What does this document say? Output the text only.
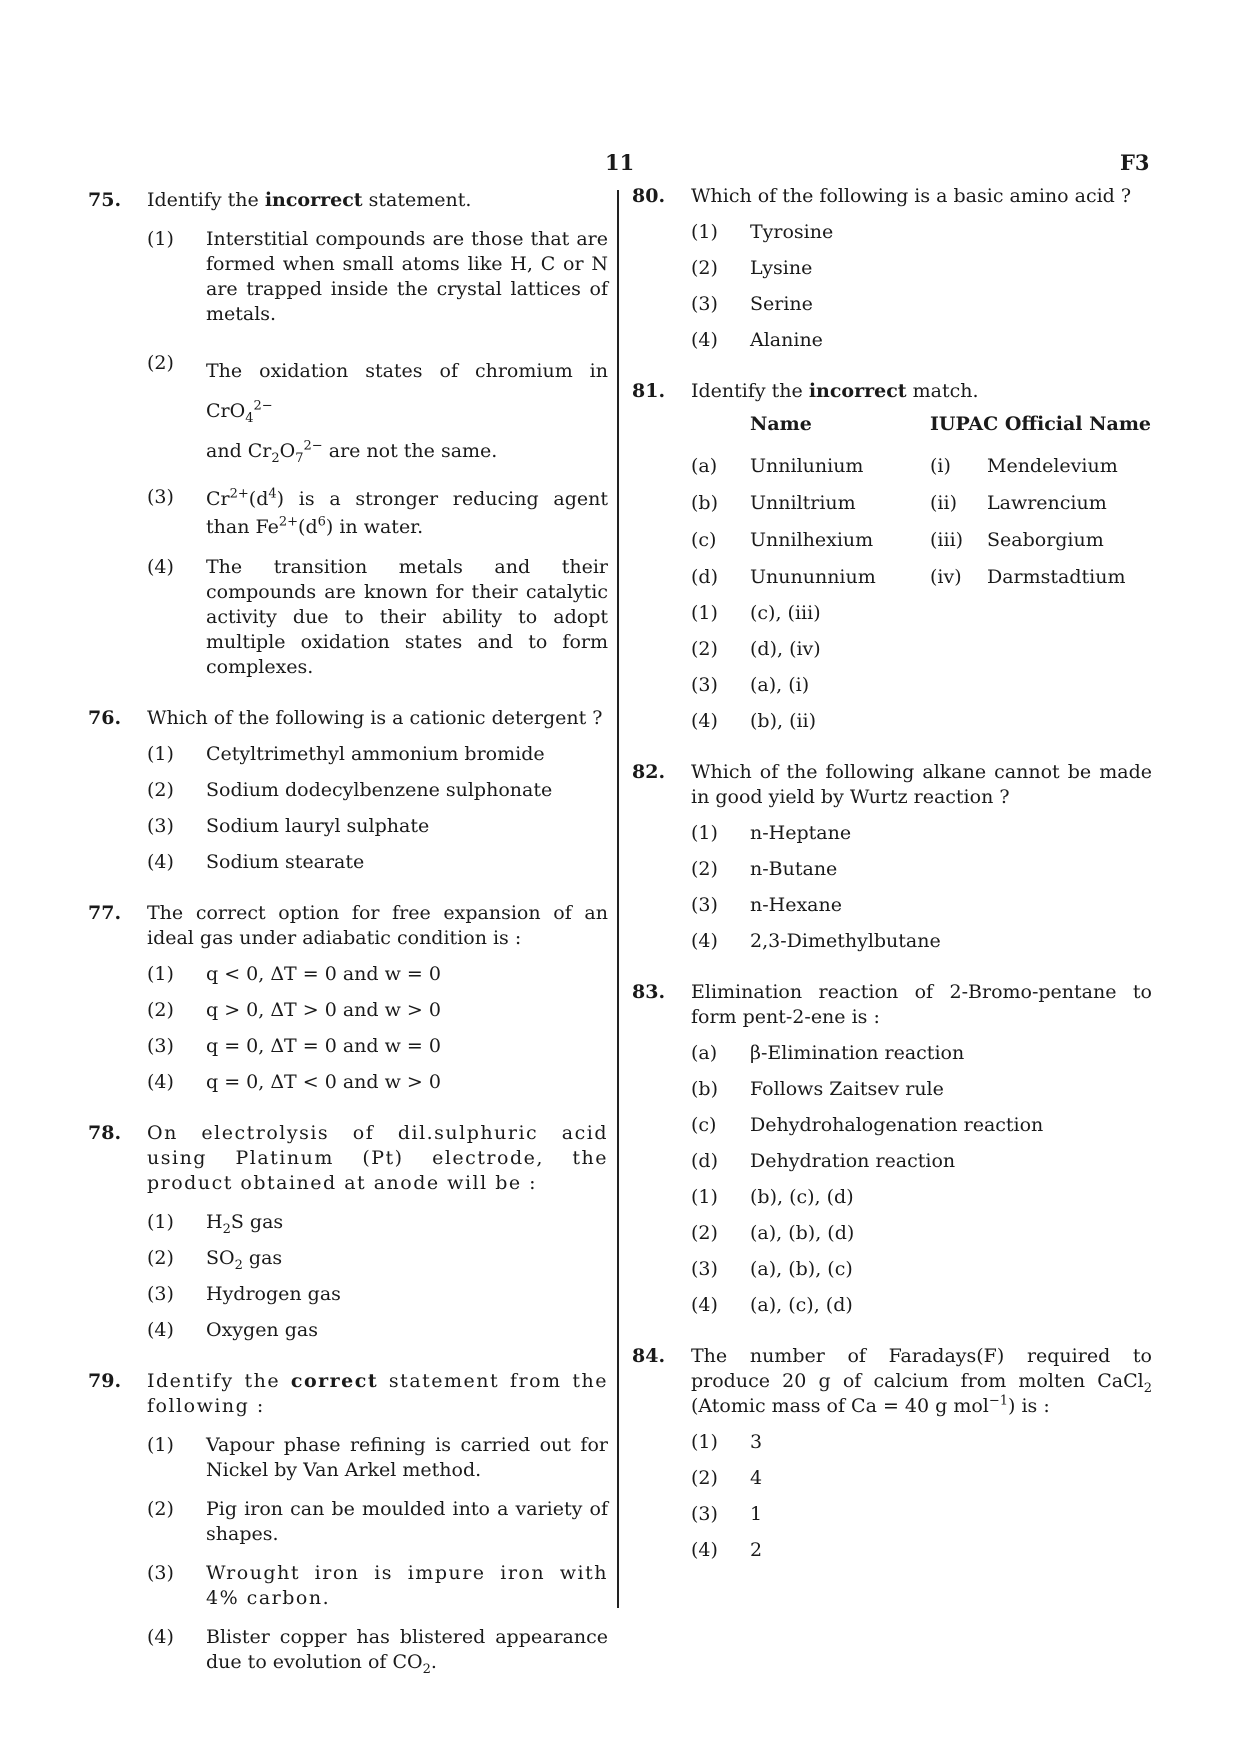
11	F3
75. Identify the incorrect statement.
(1) Interstitial compounds are those that are formed when small atoms like H, C or N are trapped inside the crystal lattices of metals.
(2) The oxidation states of chromium in CrO$_4^{2-}$
and $Cr_2O_7^{2-}$ are not the same.
(3) $Cr^{2+}(d^4)$ is a stronger reducing agent than $Fe^{2+}(d^6)$ in water.
(4) The transition metals and their compounds are known for their catalytic activity due to their ability to adopt multiple oxidation states and to form complexes.
76. Which of the following is a cationic detergent ?
(1) Cetyltrimethyl ammonium bromide
(2) Sodium dodecylbenzene sulphonate
(3) Sodium lauryl sulphate
(4) Sodium stearate
77. The correct option for free expansion of an ideal gas under adiabatic condition is :
(1) q < 0, ΔT = 0 and w = 0
(2) q > 0, ΔT > 0 and w > 0
(3) q = 0, ΔT = 0 and w = 0
(4) q = 0, ΔT < 0 and w > 0
78. On electrolysis of dil.sulphuric acid using Platinum (Pt) electrode, the product obtained at anode will be :
(1) $H_2S$ gas
(2) $SO_2$ gas
(3) Hydrogen gas
(4) Oxygen gas
79. Identify the correct statement from the following :
(1) Vapour phase refining is carried out for Nickel by Van Arkel method.
(2) Pig iron can be moulded into a variety of shapes.
(3) Wrought iron is impure iron with 4% carbon.
(4) Blister copper has blistered appearance due to evolution of $CO_2$.
80. Which of the following is a basic amino acid ?
(1) Tyrosine
(2) Lysine
(3) Serine
(4) Alanine
81. Identify the incorrect match.
Name	IUPAC Official Name
(a) Unnilunium	(i) Mendelevium
(b) Unniltrium	(ii) Lawrencium
(c) Unnilhexium	(iii) Seaborgium
(d) Unununnium	(iv) Darmstadtium
(1) (c), (iii)
(2) (d), (iv)
(3) (a), (i)
(4) (b), (ii)
82. Which of the following alkane cannot be made in good yield by Wurtz reaction ?
(1) n-Heptane
(2) n-Butane
(3) n-Hexane
(4) 2,3-Dimethylbutane
83. Elimination reaction of 2-Bromo-pentane to form pent-2-ene is :
(a) β-Elimination reaction
(b) Follows Zaitsev rule
(c) Dehydrohalogenation reaction
(d) Dehydration reaction
(1) (b), (c), (d)
(2) (a), (b), (d)
(3) (a), (b), (c)
(4) (a), (c), (d)
84. The number of Faradays(F) required to produce 20 g of calcium from molten CaCl$_2$ (Atomic mass of Ca = 40 g mol$^{-1}$) is :
(1) 3
(2) 4
(3) 1
(4) 2
